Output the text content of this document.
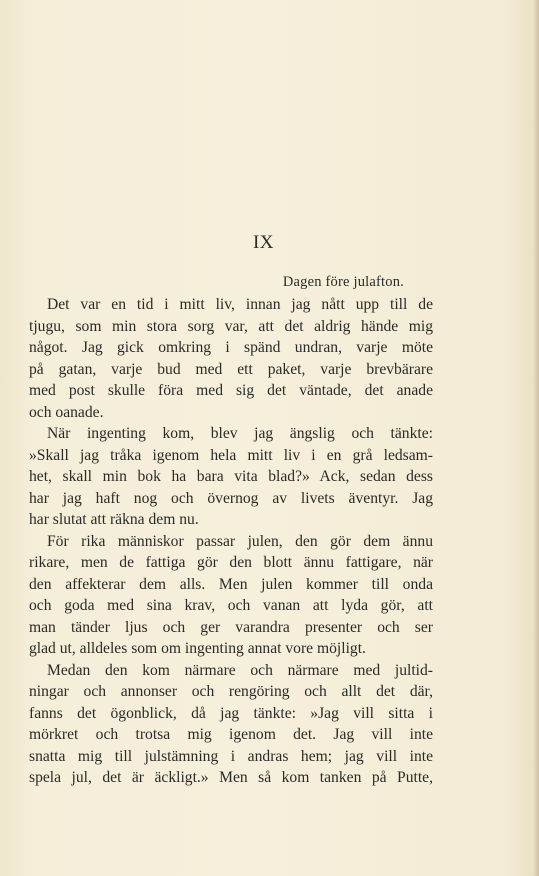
IX
Dagen före julafton.

Det var en tid i mitt liv, innan jag nått upp till de
tjugu, som min stora sorg var, att det aldrig hände mig
något. Jag gick omkring i spänd undran, varje möte
på gatan, varje bud med ett paket, varje brevbärare
med post skulle föra med sig det väntade, det anade
och oanade.

När ingenting kom, blev jag ängslig och tänkte:
»Skall jag tråka igenom hela mitt liv i en grå ledsam-
het, skall min bok ha bara vita blad?» Ack, sedan dess
har jag haft nog och övernog av livets äventyr. Jag
har slutat att räkna dem nu.

För rika människor passar julen, den gör dem ännu
rikare, men de fattiga gör den blott ännu fattigare, när
den affekterar dem alls. Men julen kommer till onda
och goda med sina krav, och vanan att lyda gör, att
man tänder ljus och ger varandra presenter och ser
glad ut, alldeles som om ingenting annat vore möjligt.

Medan den kom närmare och närmare med jultid-
ningar och annonser och rengöring och allt det där,
fanns det ögonblick, då jag tänkte: »Jag vill sitta i
mörkret och trotsa mig igenom det. Jag vill inte
snatta mig till julstämning i andras hem; jag vill inte
spela jul, det är äckligt.» Men så kom tanken på Putte,
